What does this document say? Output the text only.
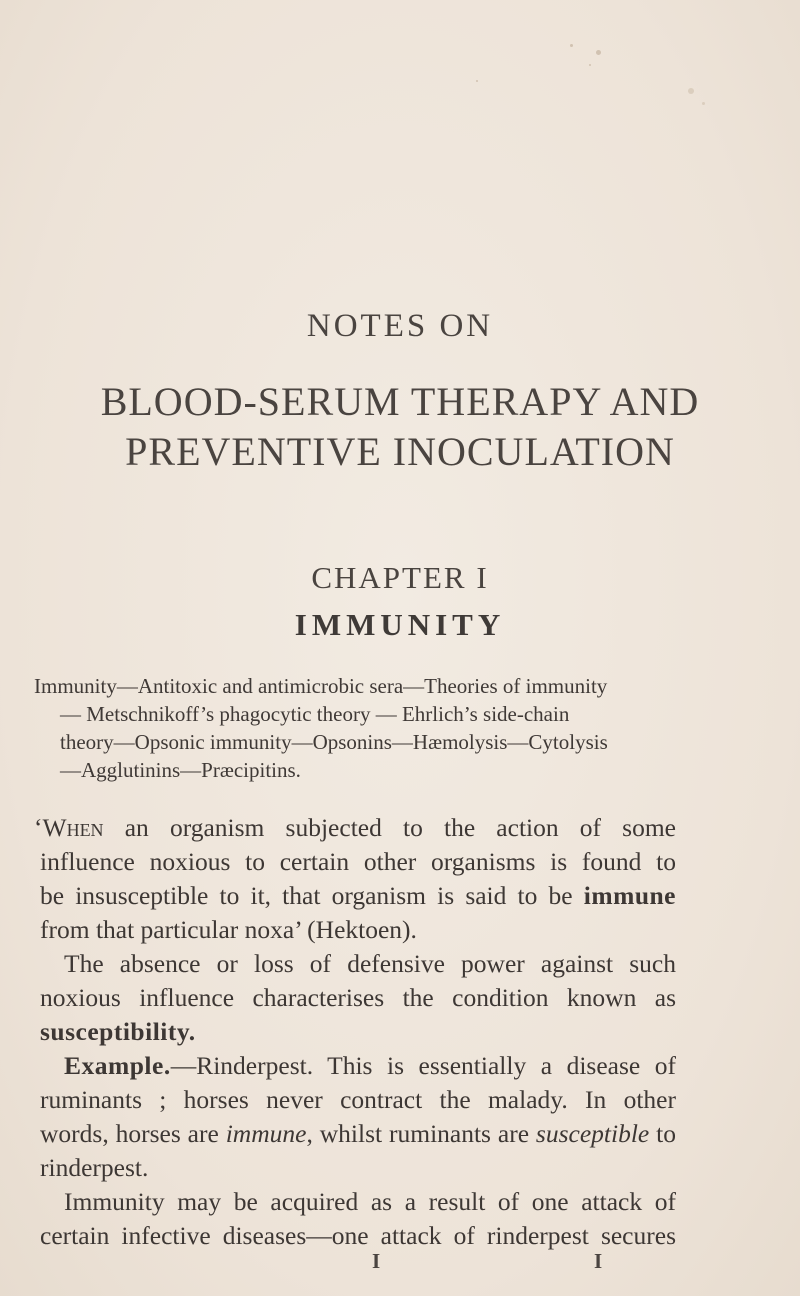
NOTES ON
BLOOD-SERUM THERAPY AND
PREVENTIVE INOCULATION
CHAPTER I
IMMUNITY
Immunity—Antitoxic and antimicrobic sera—Theories of immunity
— Metschnikoff’s phagocytic theory — Ehrlich’s side-chain
theory—Opsonic immunity—Opsonins—Hæmolysis—Cytolysis
—Agglutinins—Præcipitins.
‘When an organism subjected to the action of some
influence noxious to certain other organisms is found to
be insusceptible to it, that organism is said to be immune
from that particular noxa’ (Hektoen).
The absence or loss of defensive power against such
noxious influence characterises the condition known as
susceptibility.
Example.—Rinderpest. This is essentially a disease of
ruminants ; horses never contract the malady. In other
words, horses are immune, whilst ruminants are susceptible to
rinderpest.
Immunity may be acquired as a result of one attack of
certain infective diseases—one attack of rinderpest secures
I	I
